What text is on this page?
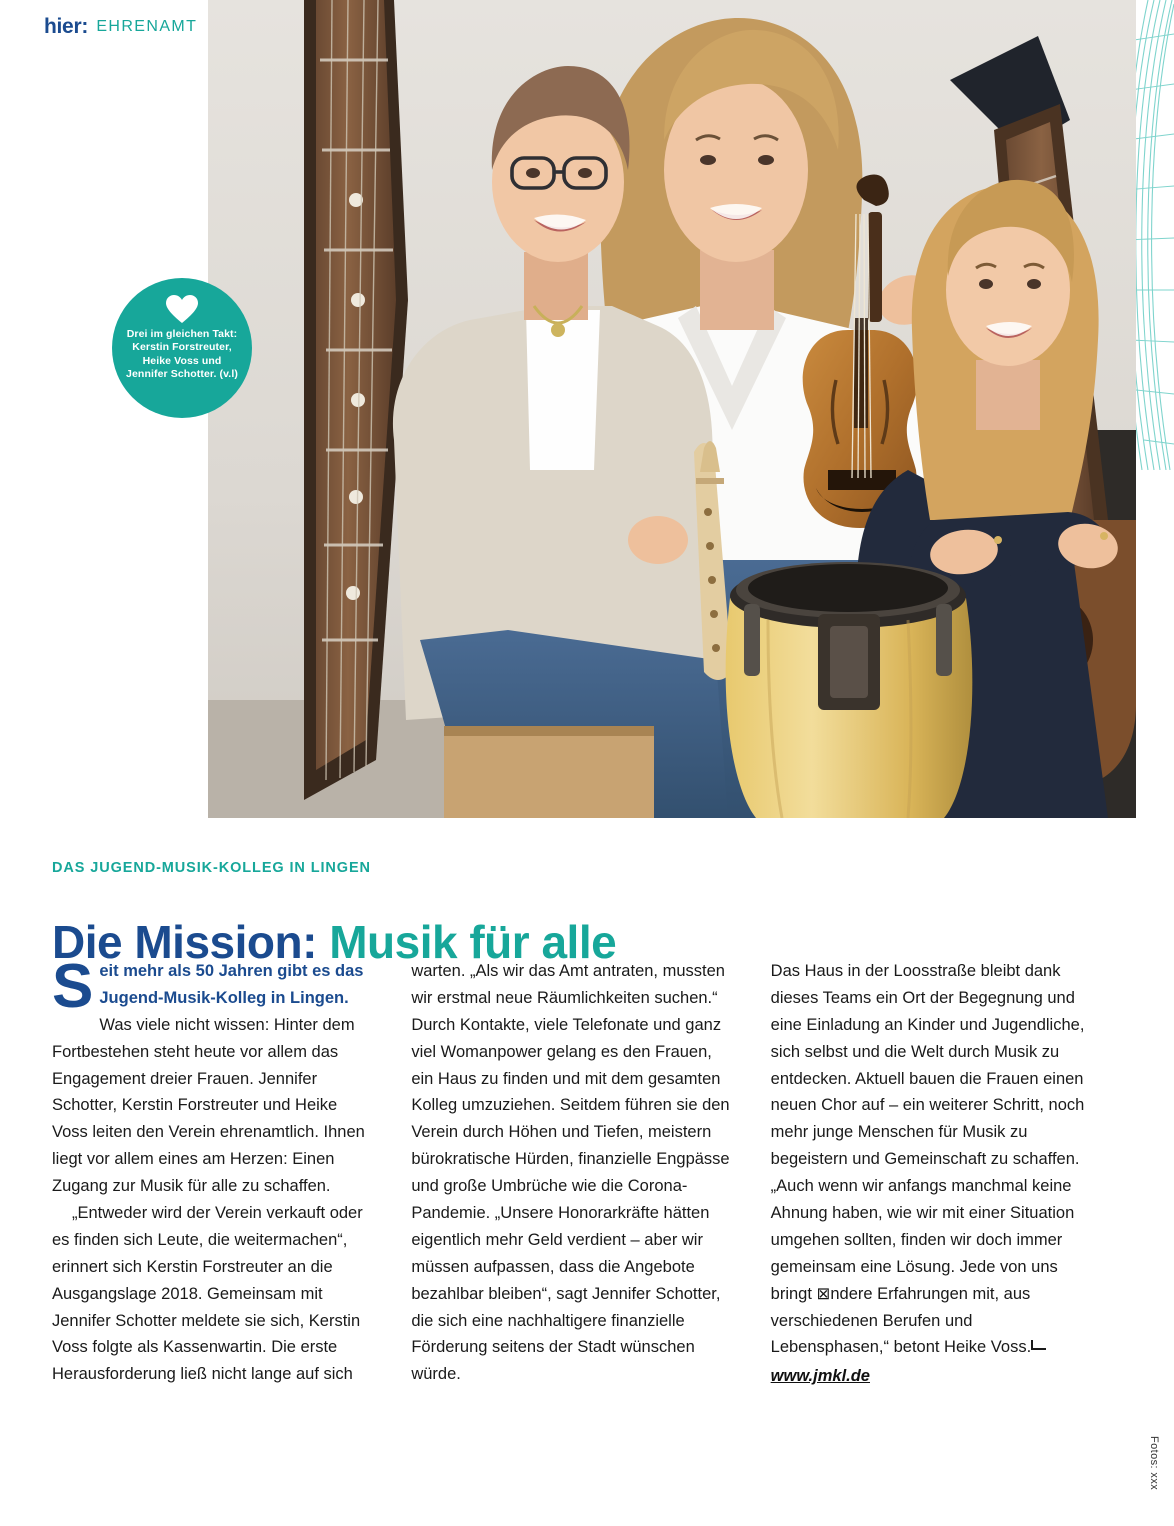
hier : EHRENAMT
Drei im gleichen Takt: Kerstin Forstreuter, Heike Voss und Jennifer Schotter. (v.l)
DAS JUGEND-MUSIK-KOLLEG IN LINGEN
Die Mission: Musik für alle

Seit mehr als 50 Jahren gibt es das Jugend-Musik-Kolleg in Lingen. Was viele nicht wissen: Hinter dem Fortbestehen steht heute vor allem das Engagement dreier Frauen. Jennifer Schotter, Kerstin Forstreuter und Heike Voss leiten den Verein ehrenamtlich. Ihnen liegt vor allem eines am Herzen: Einen Zugang zur Musik für alle zu schaffen.

„Entweder wird der Verein verkauft oder es finden sich Leute, die weitermachen“, erinnert sich Kerstin Forstreuter an die Ausgangslage 2018. Gemeinsam mit Jennifer Schotter meldete sie sich, Kerstin Voss folgte als Kassenwartin. Die erste Herausforderung ließ nicht lange auf sich

warten. „Als wir das Amt antraten, mussten wir erstmal neue Räumlichkeiten suchen.“ Durch Kontakte, viele Telefonate und ganz viel Womanpower gelang es den Frauen, ein Haus zu finden und mit dem gesamten Kolleg umzuziehen. Seitdem führen sie den Verein durch Höhen und Tiefen, meistern bürokratische Hürden, finanzielle Engpässe und große Umbrüche wie die Corona-Pandemie. „Unsere Honorarkräfte hätten eigentlich mehr Geld verdient – aber wir müssen aufpassen, dass die Angebote bezahlbar bleiben“, sagt Jennifer Schotter, die sich eine nachhaltigere finanzielle Förderung seitens der Stadt wünschen würde.

Das Haus in der Loosstraße bleibt dank dieses Teams ein Ort der Begegnung und eine Einladung an Kinder und Jugendliche, sich selbst und die Welt durch Musik zu entdecken. Aktuell bauen die Frauen einen neuen Chor auf – ein weiterer Schritt, noch mehr junge Menschen für Musik zu begeistern und Gemeinschaft zu schaffen.„Auch wenn wir anfangs manchmal keine Ahnung haben, wie wir mit einer Situation umgehen sollten, finden wir doch immer gemeinsam eine Lösung. Jede von uns bringt ⊠ndere Erfahrungen mit, aus verschiedenen Berufen und Lebensphasen,“ betont Heike Voss.

www.jmkl.de
Fotos: xxx
